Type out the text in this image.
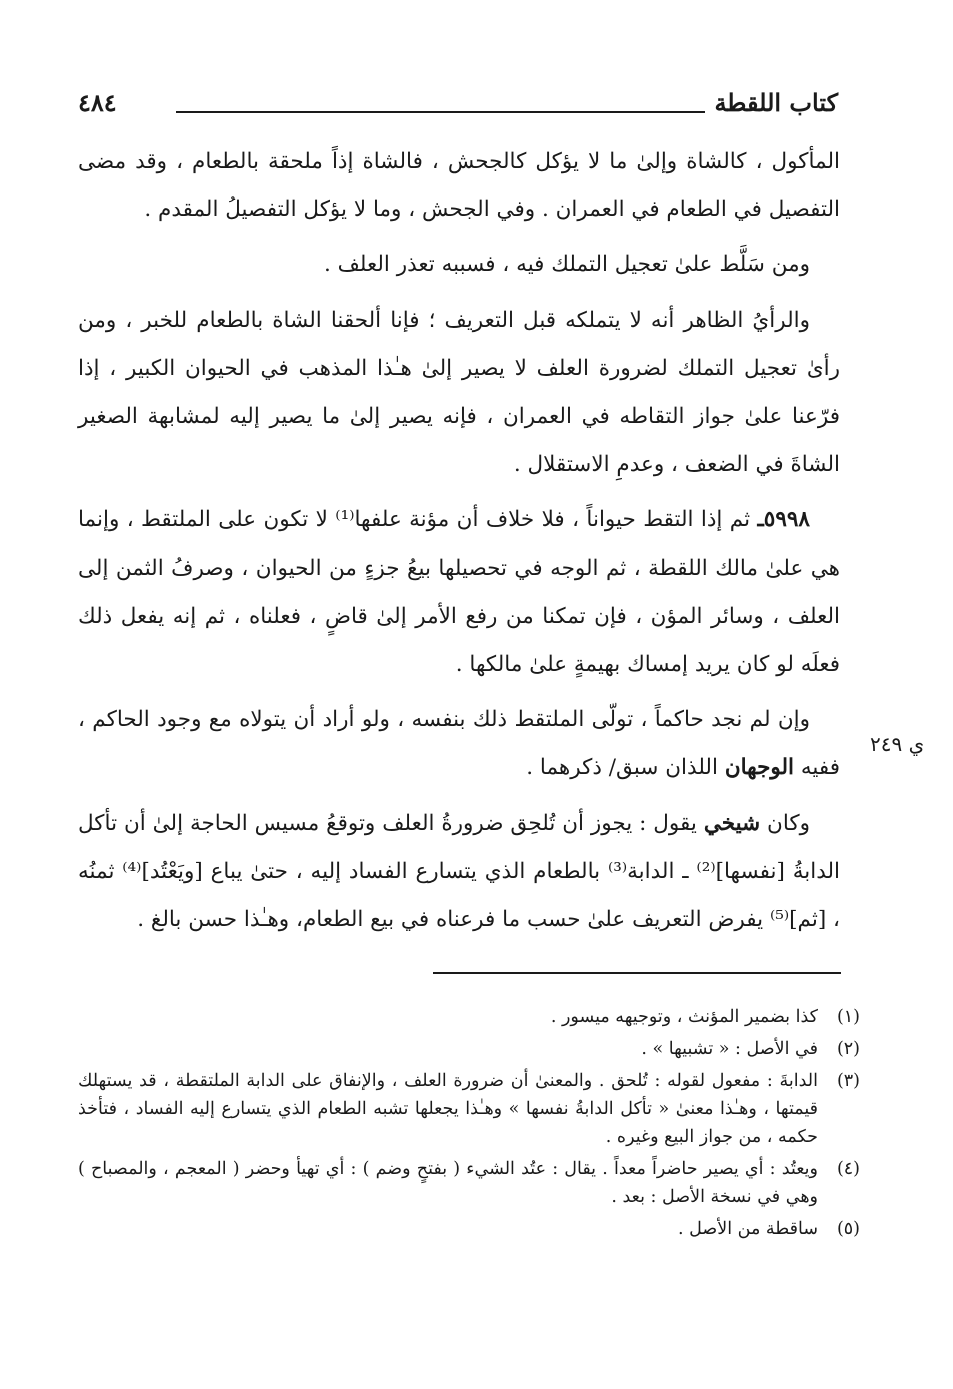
كتاب اللقطة
٤٨٤

المأكول ، كالشاة وإلىٰ ما لا يؤكل كالجحش ، فالشاة إذاً ملحقة بالطعام ، وقد مضى التفصيل في الطعام في العمران . وفي الجحش ، وما لا يؤكل التفصيلُ المقدم .

ومن سَلَّط علىٰ تعجيل التملك فيه ، فسببه تعذر العلف .

والرأيُ الظاهر أنه لا يتملكه قبل التعريف ؛ فإنا ألحقنا الشاة بالطعام للخبر ، ومن رأىٰ تعجيل التملك لضرورة العلف لا يصير إلىٰ هـٰذا المذهب في الحيوان الكبير ، إذا فرّعنا علىٰ جواز التقاطه في العمران ، فإنه يصير إلىٰ ما يصير إليه لمشابهة الصغير الشاةَ في الضعف ، وعدمِ الاستقلال .

٥٩٩٨ـ ثم إذا التقط حيواناً ، فلا خلاف أن مؤنة علفها⁽¹⁾ لا تكون على الملتقط ، وإنما هي علىٰ مالك اللقطة ، ثم الوجه في تحصيلها بيعُ جزءٍ من الحيوان ، وصرفُ الثمن إلى العلف ، وسائر المؤن ، فإن تمكنا من رفع الأمر إلىٰ قاضٍ ، فعلناه ، ثم إنه يفعل ذلك فعلَه لو كان يريد إمساك بهيمةٍ علىٰ مالكها .

وإن لم نجد حاكماً ، تولّى الملتقط ذلك بنفسه ، ولو أراد أن يتولاه مع وجود الحاكم ، ففيه الوجهان اللذان سبق/ ذكرهما .

وكان شيخي يقول : يجوز أن تُلحِق ضرورةُ العلف وتوقعُ مسيس الحاجة إلىٰ أن تأكل الدابةُ [نفسها]⁽²⁾ ـ الدابة⁽³⁾ بالطعام الذي يتسارع الفساد إليه ، حتىٰ يباع [ويَعْتُد]⁽⁴⁾ ثمنُه ، [ثم]⁽⁵⁾ يفرض التعريف علىٰ حسب ما فرعناه في بيع الطعام، وهـٰذا حسن بالغ .

ي ٢٤٩
(١)
كذا بضمير المؤنث ، وتوجيهه ميسور .
(٢)
في الأصل : « تشبيها » .
(٣)
الدابةَ : مفعول لقوله : تُلحق . والمعنىٰ أن ضرورة العلف ، والإنفاق على الدابة الملتقطة ، قد يستهلك قيمتها ، وهـٰذا معنىٰ « تأكل الدابةُ نفسها » وهـٰذا يجعلها تشبه الطعام الذي يتسارع إليه الفساد ، فتأخذ حكمه ، من جواز البيع وغيره .
(٤)
ويعتُد : أي يصير حاضراً معداً . يقال : عتُد الشيء ( بفتحٍ وضم ) : أي تهيأ وحضر ( المعجم ، والمصباح ) وهي في نسخة الأصل : بعد .
(٥)
ساقطة من الأصل .
